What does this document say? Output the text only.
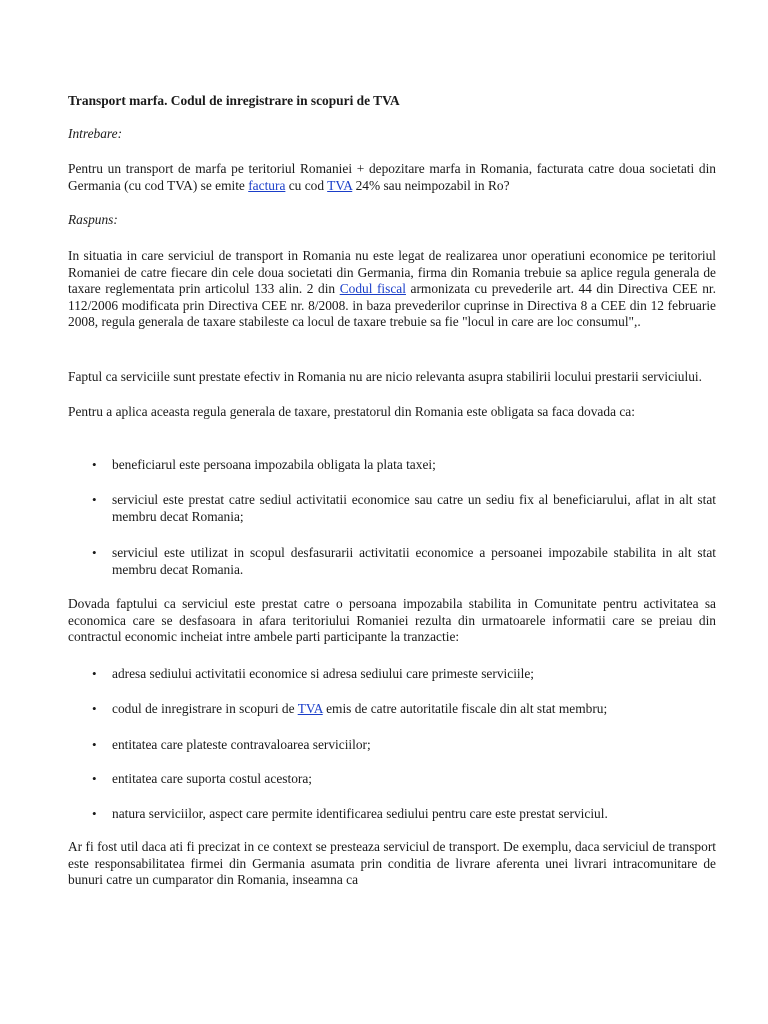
Transport marfa. Codul de inregistrare in scopuri de TVA

Intrebare:

Pentru un transport de marfa pe teritoriul Romaniei + depozitare marfa in Romania, facturata catre doua societati din Germania (cu cod TVA) se emite factura cu cod TVA 24% sau neimpozabil in Ro?

Raspuns:

In situatia in care serviciul de transport in Romania nu este legat de realizarea unor operatiuni economice pe teritoriul Romaniei de catre fiecare din cele doua societati din Germania, firma din Romania trebuie sa aplice regula generala de taxare reglementata prin articolul 133 alin. 2 din Codul fiscal armonizata cu prevederile art. 44 din Directiva CEE nr. 112/2006 modificata prin Directiva CEE nr. 8/2008. in baza prevederilor cuprinse in Directiva 8 a CEE din 12 februarie 2008, regula generala de taxare stabileste ca locul de taxare trebuie sa fie "locul in care are loc consumul",.

Faptul ca serviciile sunt prestate efectiv in Romania nu are nicio relevanta asupra stabilirii locului prestarii serviciului.

Pentru a aplica aceasta regula generala de taxare, prestatorul din Romania este obligata sa faca dovada ca:

•

beneficiarul este persoana impozabila obligata la plata taxei;

•

serviciul este prestat catre sediul activitatii economice sau catre un sediu fix al beneficiarului, aflat in alt stat membru decat Romania;

•

serviciul este utilizat in scopul desfasurarii activitatii economice a persoanei impozabile stabilita in alt stat membru decat Romania.

Dovada faptului ca serviciul este prestat catre o persoana impozabila stabilita in Comunitate pentru activitatea sa economica care se desfasoara in afara teritoriului Romaniei rezulta din urmatoarele informatii care se preiau din contractul economic incheiat intre ambele parti participante la tranzactie:

•

adresa sediului activitatii economice si adresa sediului care primeste serviciile;

•

codul de inregistrare in scopuri de TVA emis de catre autoritatile fiscale din alt stat membru;

•

entitatea care plateste contravaloarea serviciilor;

•

entitatea care suporta costul acestora;

•

natura serviciilor, aspect care permite identificarea sediului pentru care este prestat serviciul.

Ar fi fost util daca ati fi precizat in ce context se presteaza serviciul de transport. De exemplu, daca serviciul de transport este responsabilitatea firmei din Germania asumata prin conditia de livrare aferenta unei livrari intracomunitare de bunuri catre un cumparator din Romania, inseamna ca
